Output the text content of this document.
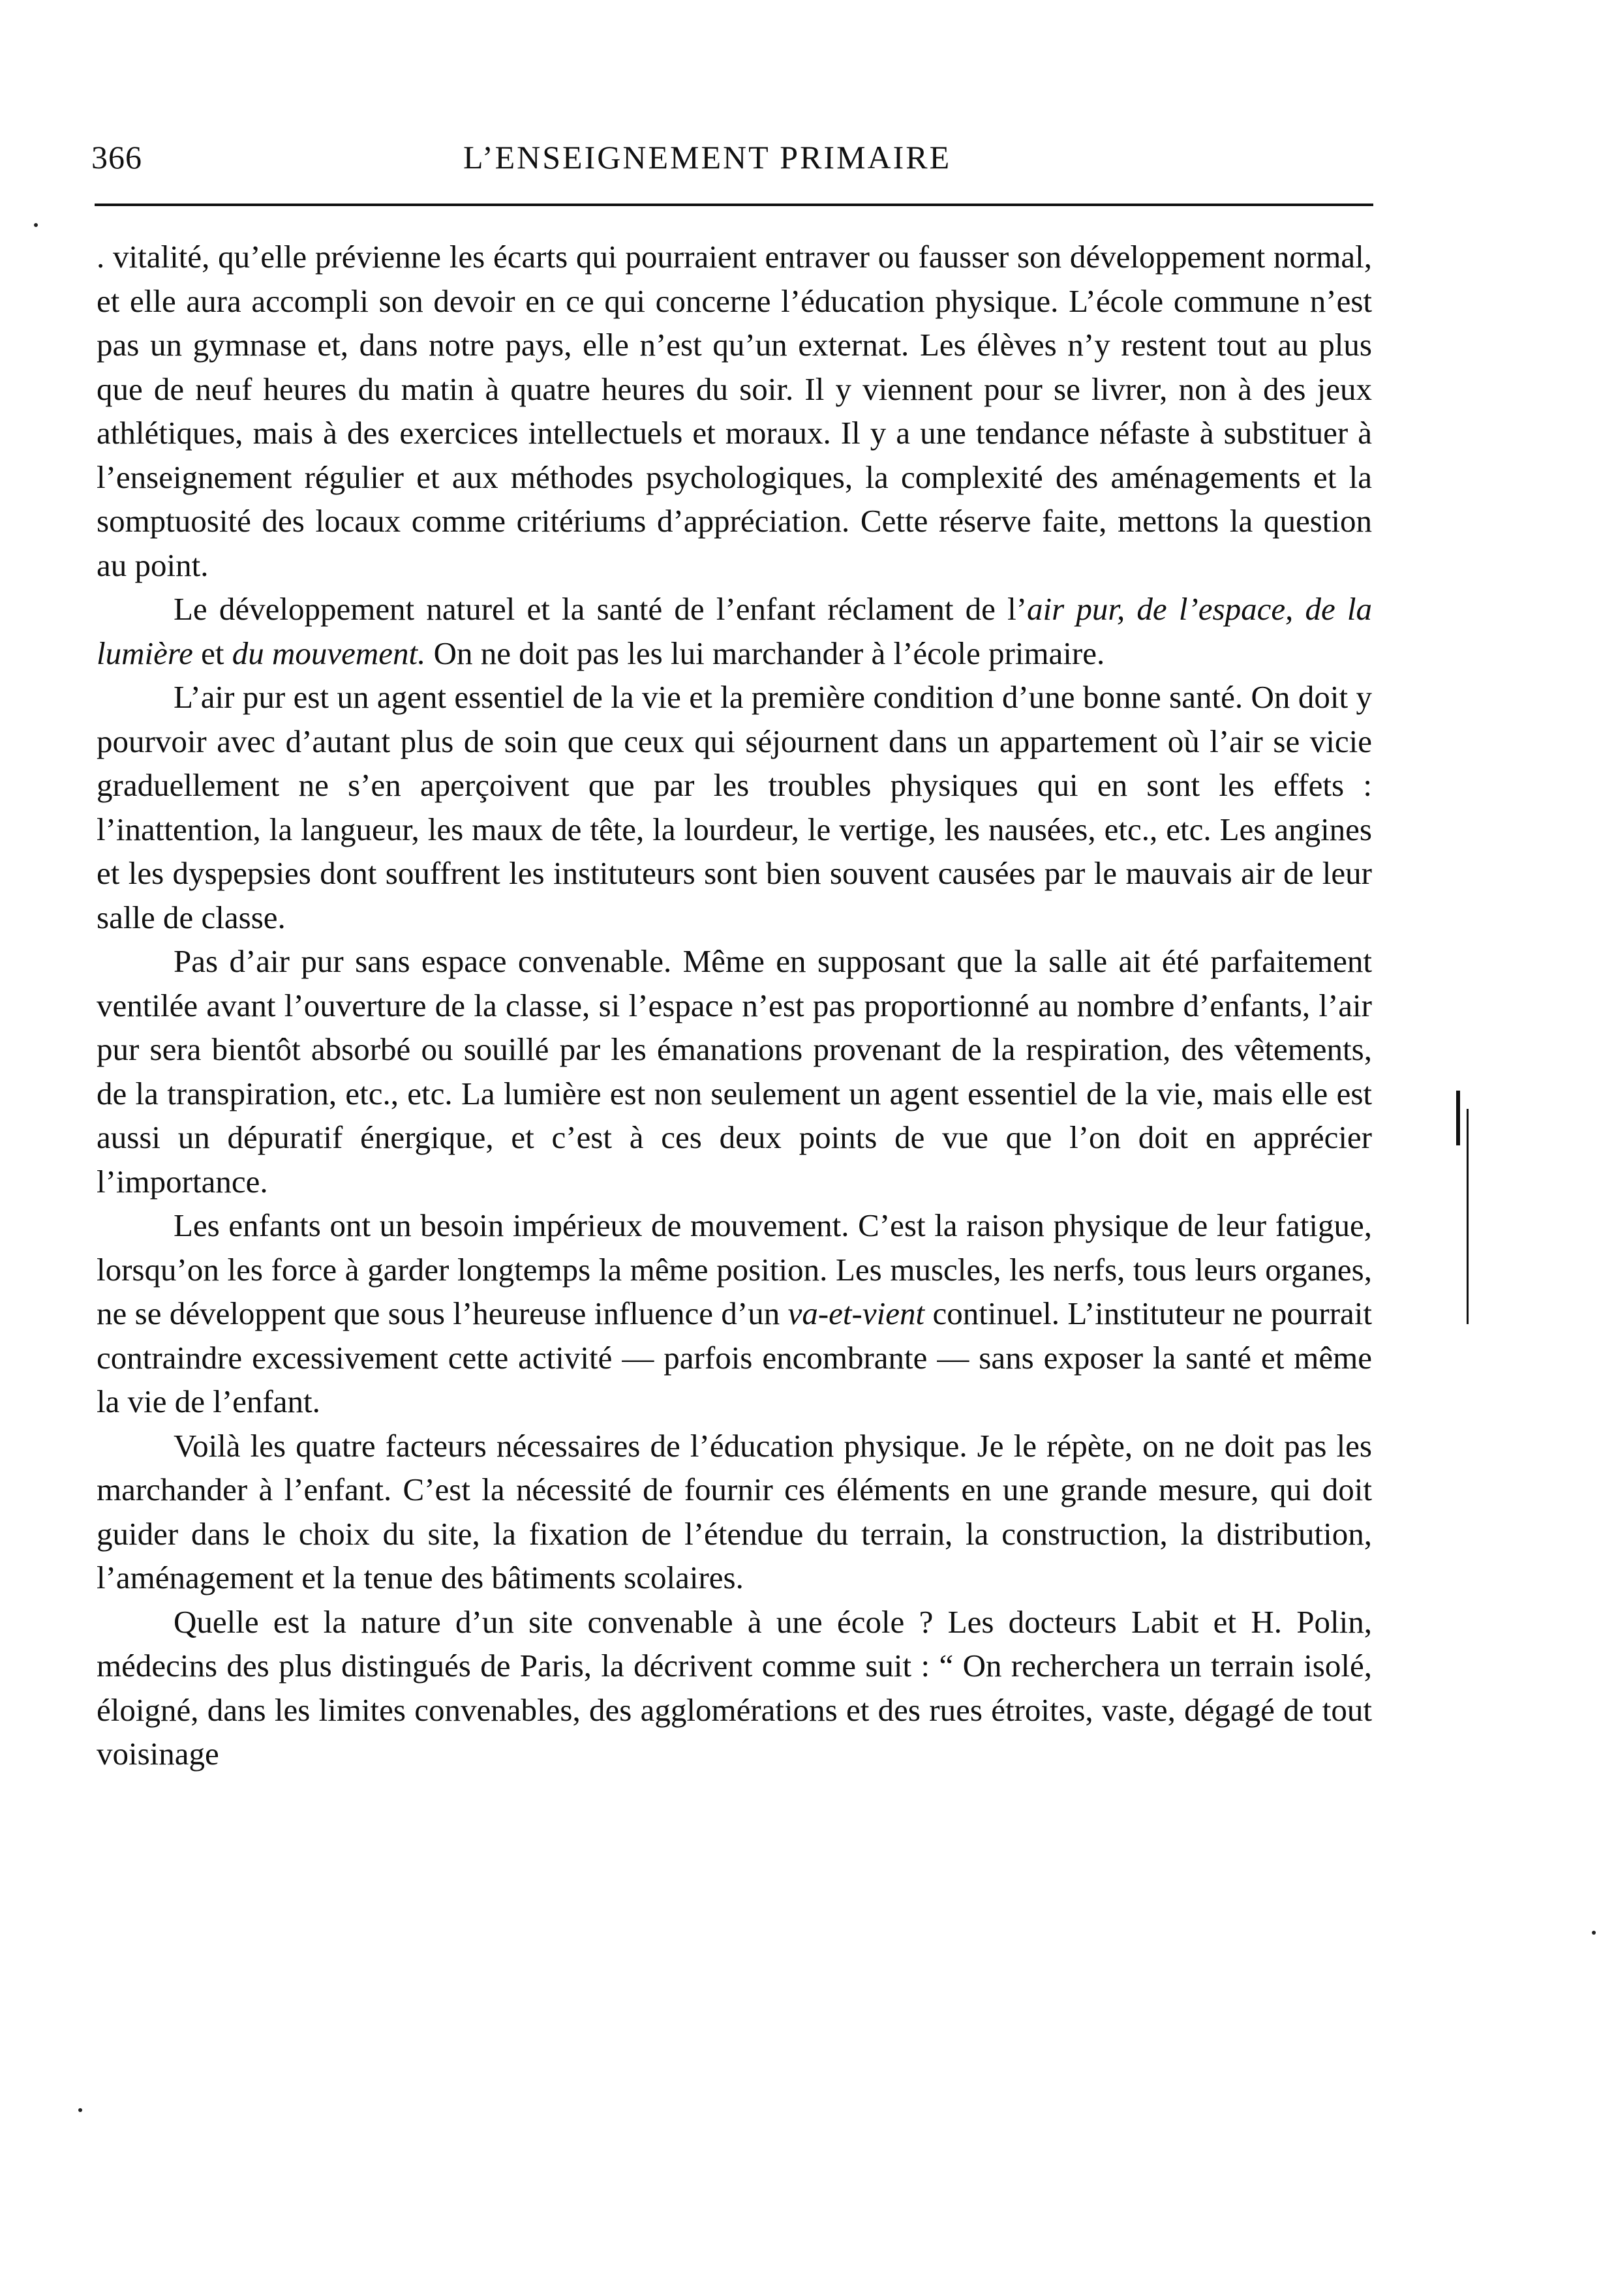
366	L’ENSEIGNEMENT PRIMAIRE

. vitalité, qu’elle prévienne les écarts qui pourraient entraver ou fausser son développement normal, et elle aura accompli son devoir en ce qui concerne l’éducation physique. L’école commune n’est pas un gymnase et, dans notre pays, elle n’est qu’un externat. Les élèves n’y restent tout au plus que de neuf heures du matin à quatre heures du soir. Il y viennent pour se livrer, non à des jeux athlétiques, mais à des exercices intellectuels et moraux. Il y a une tendance néfaste à substituer à l’enseignement régulier et aux méthodes psychologiques, la complexité des aménagements et la somptuosité des locaux comme critériums d’appréciation. Cette réserve faite, mettons la question au point.

Le développement naturel et la santé de l’enfant réclament de l’air pur, de l’espace, de la lumière et du mouvement. On ne doit pas les lui marchander à l’école primaire.

L’air pur est un agent essentiel de la vie et la première condition d’une bonne santé. On doit y pourvoir avec d’autant plus de soin que ceux qui séjournent dans un appartement où l’air se vicie graduellement ne s’en aperçoivent que par les troubles physiques qui en sont les effets : l’inattention, la langueur, les maux de tête, la lourdeur, le vertige, les nausées, etc., etc. Les angines et les dyspepsies dont souffrent les instituteurs sont bien souvent causées par le mauvais air de leur salle de classe.

Pas d’air pur sans espace convenable. Même en supposant que la salle ait été parfaitement ventilée avant l’ouverture de la classe, si l’espace n’est pas proportionné au nombre d’enfants, l’air pur sera bientôt absorbé ou souillé par les émanations provenant de la respiration, des vêtements, de la transpiration, etc., etc. La lumière est non seulement un agent essentiel de la vie, mais elle est aussi un dépuratif énergique, et c’est à ces deux points de vue que l’on doit en apprécier l’importance.

Les enfants ont un besoin impérieux de mouvement. C’est la raison physique de leur fatigue, lorsqu’on les force à garder longtemps la même position. Les muscles, les nerfs, tous leurs organes, ne se développent que sous l’heureuse influence d’un va-et-vient continuel. L’instituteur ne pourrait contraindre excessivement cette activité — parfois encombrante — sans exposer la santé et même la vie de l’enfant.

Voilà les quatre facteurs nécessaires de l’éducation physique. Je le répète, on ne doit pas les marchander à l’enfant. C’est la nécessité de fournir ces éléments en une grande mesure, qui doit guider dans le choix du site, la fixation de l’étendue du terrain, la construction, la distribution, l’aménagement et la tenue des bâtiments scolaires.

Quelle est la nature d’un site convenable à une école ? Les docteurs Labit et H. Polin, médecins des plus distingués de Paris, la décrivent comme suit : “ On recherchera un terrain isolé, éloigné, dans les limites convenables, des agglomérations et des rues étroites, vaste, dégagé de tout voisinage
